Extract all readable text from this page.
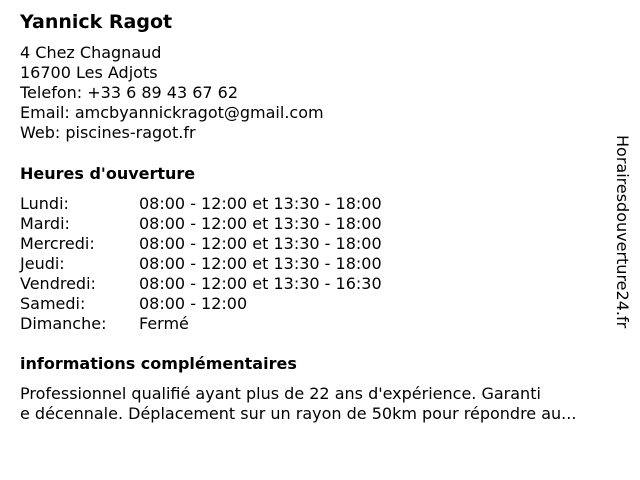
Yannick Ragot

4 Chez Chagnaud

16700 Les Adjots

Telefon: +33 6 89 43 67 62

Email: amcbyannickragot@gmail.com

Web: piscines-ragot.fr
Heures d'ouverture
Lundi:	08:00 - 12:00 et 13:30 - 18:00
Mardi:	08:00 - 12:00 et 13:30 - 18:00
Mercredi:	08:00 - 12:00 et 13:30 - 18:00
Jeudi:	08:00 - 12:00 et 13:30 - 18:00
Vendredi:	08:00 - 12:00 et 13:30 - 16:30
Samedi:	08:00 - 12:00
Dimanche: Fermé
informations complémentaires

Professionnel qualifié ayant plus de 22 ans d'expérience. Garanti
e décennale. Déplacement sur un rayon de 50km pour répondre au...

Horairesdouverture24.fr
